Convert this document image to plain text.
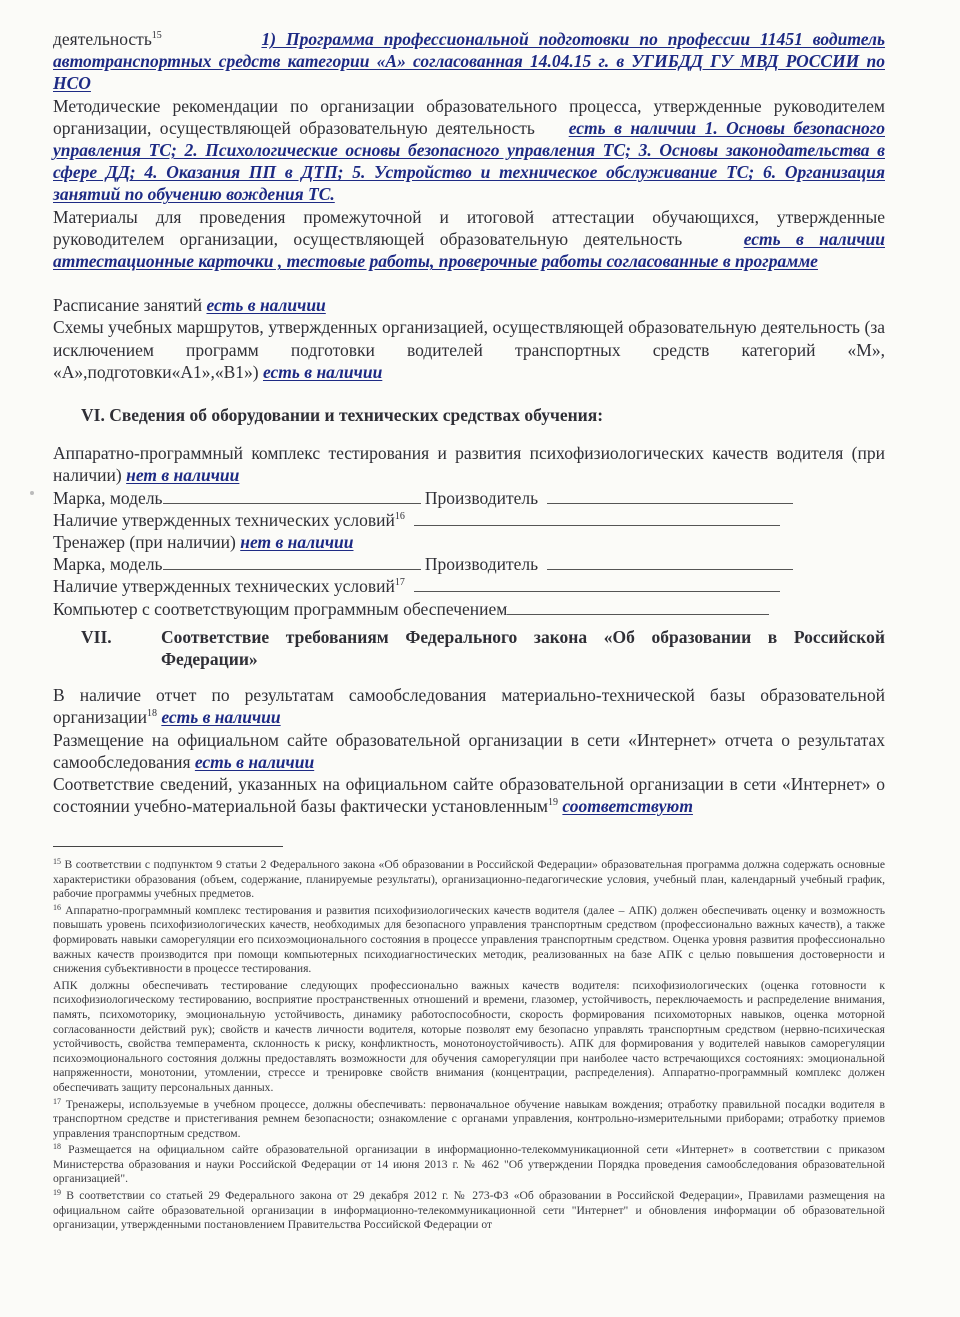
деятельность$^{15}$	1) Программа профессиональной подготовки по профессии 11451 водитель автотранспортных средств категории «А» согласованная 14.04.15 г. в УГИБДД ГУ МВД РОССИИ по НСО
Методические рекомендации по организации образовательного процесса, утвержденные руководителем организации, осуществляющей образовательную деятельность есть в наличии 1. Основы безопасного управления ТС; 2. Психологические основы безопасного управления ТС; 3. Основы законодательства в сфере ДД; 4. Оказания ПП в ДТП; 5. Устройство и техническое обслуживание ТС; 6. Организация занятий по обучению вождения ТС.
Материалы для проведения промежуточной и итоговой аттестации обучающихся, утвержденные руководителем организации, осуществляющей образовательную деятельность	есть в наличии аттестационные карточки , тестовые работы, проверочные работы согласованные в программе
Расписание занятий есть в наличии
Схемы учебных маршрутов, утвержденных организацией, осуществляющей образовательную деятельность (за исключением программ подготовки водителей транспортных средств категорий «М», «А»,подготовки«А1»,«В1») есть в наличии
VI. Сведения об оборудовании и технических средствах обучения:
Аппаратно-программный комплекс тестирования и развития психофизиологических качеств водителя (при наличии) нет в наличии
Марка, модель	Производитель
Наличие утвержденных технических условий$^{16}$
Тренажер (при наличии) нет в наличии
Марка, модель	Производитель
Наличие утвержденных технических условий$^{17}$
Компьютер с соответствующим программным обеспечением
VII.	Соответствие требованиям Федерального закона «Об образовании в Российской Федерации»
В наличие отчет по результатам самообследования материально-технической базы образовательной организации$^{18}$ есть в наличии
Размещение на официальном сайте образовательной организации в сети «Интернет» отчета о результатах самообследования есть в наличии
Соответствие сведений, указанных на официальном сайте образовательной организации в сети «Интернет» о состоянии учебно-материальной базы фактически установленным$^{19}$ соответствуют
$^{15}$ В соответствии с подпунктом 9 статьи 2 Федерального закона «Об образовании в Российской Федерации» образовательная программа должна содержать основные характеристики образования (объем, содержание, планируемые результаты), организационно-педагогические условия, учебный план, календарный учебный график, рабочие программы учебных предметов.
$^{16}$ Аппаратно-программный комплекс тестирования и развития психофизиологических качеств водителя (далее – АПК) должен обеспечивать оценку и возможность повышать уровень психофизиологических качеств, необходимых для безопасного управления транспортным средством (профессионально важных качеств), а также формировать навыки саморегуляции его психоэмоционального состояния в процессе управления транспортным средством. Оценка уровня развития профессионально важных качеств производится при помощи компьютерных психодиагностических методик, реализованных на базе АПК с целью повышения достоверности и снижения субъективности в процессе тестирования.
АПК должны обеспечивать тестирование следующих профессионально важных качеств водителя: психофизиологических (оценка готовности к психофизиологическому тестированию, восприятие пространственных отношений и времени, глазомер, устойчивость, переключаемость и распределение внимания, память, психомоторику, эмоциональную устойчивость, динамику работоспособности, скорость формирования психомоторных навыков, оценка моторной согласованности действий рук); свойств и качеств личности водителя, которые позволят ему безопасно управлять транспортным средством (нервно-психическая устойчивость, свойства темперамента, склонность к риску, конфликтность, монотоноустойчивость). АПК для формирования у водителей навыков саморегуляции психоэмоционального состояния должны предоставлять возможности для обучения саморегуляции при наиболее часто встречающихся состояниях: эмоциональной напряженности, монотонии, утомлении, стрессе и тренировке свойств внимания (концентрации, распределения). Аппаратно-программный комплекс должен обеспечивать защиту персональных данных.
$^{17}$ Тренажеры, используемые в учебном процессе, должны обеспечивать: первоначальное обучение навыкам вождения; отработку правильной посадки водителя в транспортном средстве и пристегивания ремнем безопасности; ознакомление с органами управления, контрольно-измерительными приборами; отработку приемов управления транспортным средством.
$^{18}$ Размещается на официальном сайте образовательной организации в информационно-телекоммуникационной сети «Интернет» в соответствии с приказом Министерства образования и науки Российской Федерации от 14 июня 2013 г. № 462 "Об утверждении Порядка проведения самообследования образовательной организацией".
$^{19}$ В соответствии со статьей 29 Федерального закона от 29 декабря 2012 г. № 273-ФЗ «Об образовании в Российской Федерации», Правилами размещения на официальном сайте образовательной организации в информационно-телекоммуникационной сети "Интернет" и обновления информации об образовательной организации, утвержденными постановлением Правительства Российской Федерации от
